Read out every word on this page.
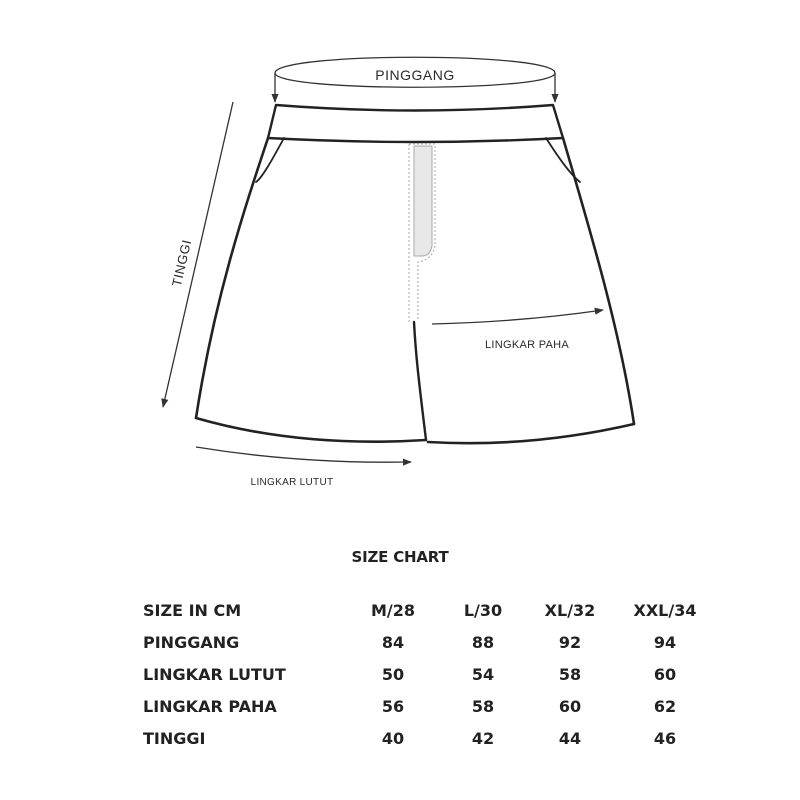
PINGGANG
TINGGI
LINGKAR PAHA
LINGKAR LUTUT
SIZE CHART
SIZE IN CM	M/28	L/30	XL/32	XXL/34
PINGGANG	84	88	92	94
LINGKAR LUTUT	50	54	58	60
LINGKAR PAHA	56	58	60	62
TINGGI	40	42	44	46
